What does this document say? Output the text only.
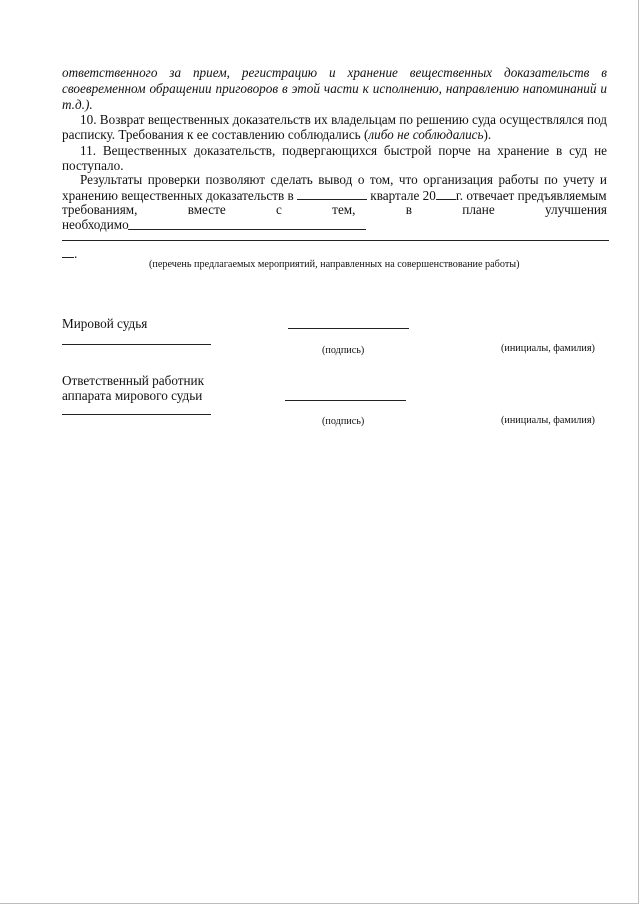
ответственного за прием, регистрацию и хранение вещественных доказательств в
своевременном обращении приговоров в этой части к исполнению, направлению напоминаний и
т.д.).
10. Возврат вещественных доказательств их владельцам по решению суда осуществлялся под
расписку. Требования к ее составлению соблюдались (либо не соблюдались).
11. Вещественных доказательств, подвергающихся быстрой порче на хранение в суд не
поступало.
Результаты проверки позволяют сделать вывод о том, что организация работы по учету и
хранению вещественных доказательств в	квартале 20 г. отвечает предъявляемым
требованиям, вместе с тем, в плане улучшения
необходимо
.
(перечень предлагаемых мероприятий, направленных на совершенствование работы)
Мировой судья
(подпись)	(инициалы, фамилия)
Ответственный работник
аппарата мирового судьи
(подпись)	(инициалы, фамилия)
